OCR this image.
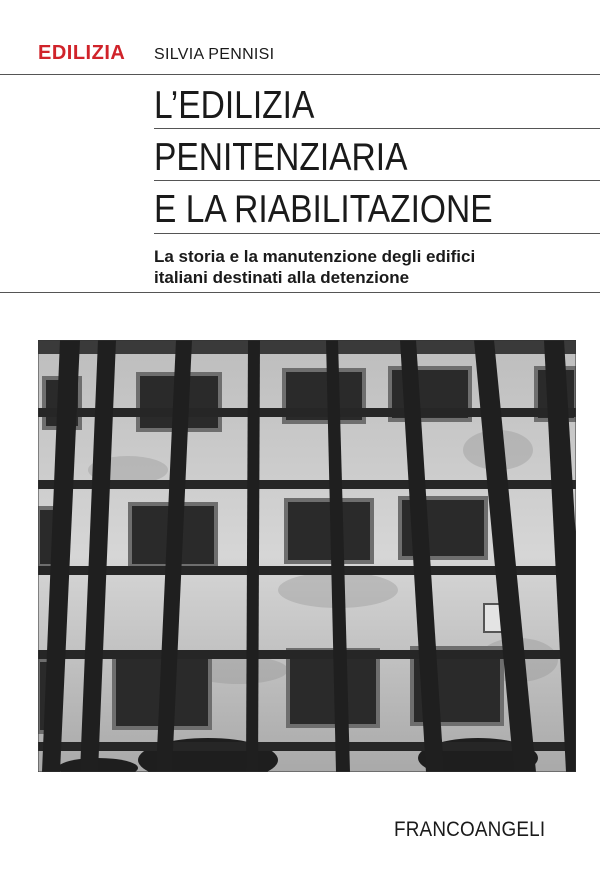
EDILIZIA SILVIA PENNISI
L’EDILIZIA
PENITENZIARIA
E LA RIABILITAZIONE
La storia e la manutenzione degli edifici
italiani destinati alla detenzione
FRANCOANGELI
